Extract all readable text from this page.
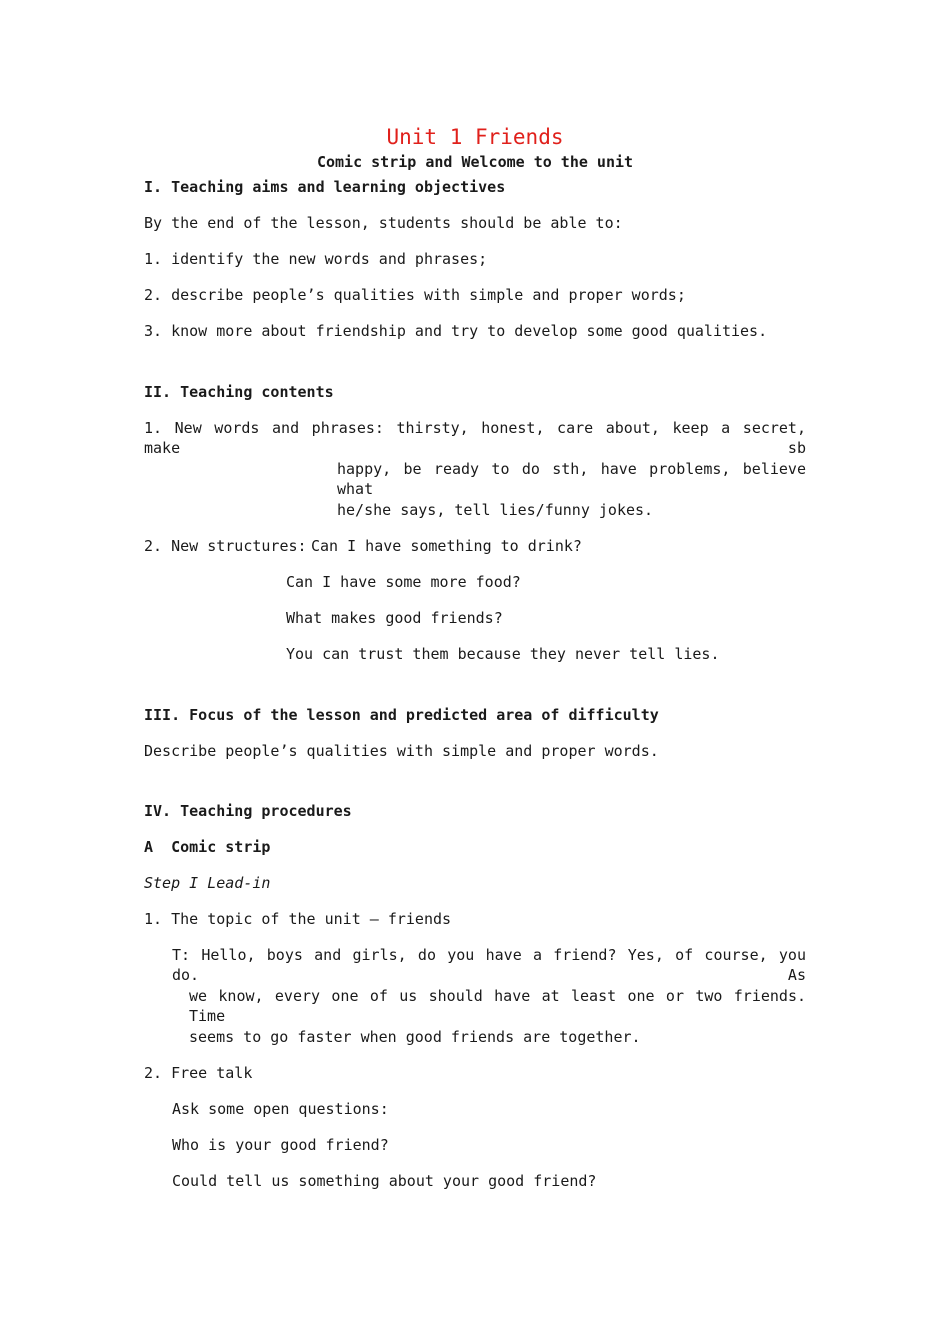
Unit 1 Friends
Comic strip and Welcome to the unit
I. Teaching aims and learning objectives
By the end of the lesson, students should be able to:
1. identify the new words and phrases;
2. describe people’s qualities with simple and proper words;
3. know more about friendship and try to develop some good qualities.
II. Teaching contents
1. New words and phrases: thirsty, honest, care about, keep a secret, make sb
happy, be ready to do sth, have problems, believe what
he/she says, tell lies/funny jokes.
2. New structures: Can I have something to drink?
Can I have some more food?
What makes good friends?
You can trust them because they never tell lies.
III. Focus of the lesson and predicted area of difficulty
Describe people’s qualities with simple and proper words.
IV. Teaching procedures
A  Comic strip
Step I Lead-in
1. The topic of the unit — friends
T: Hello, boys and girls, do you have a friend? Yes, of course, you do. As
we know, every one of us should have at least one or two friends. Time
seems to go faster when good friends are together.
2. Free talk
Ask some open questions:
Who is your good friend?
Could tell us something about your good friend?
